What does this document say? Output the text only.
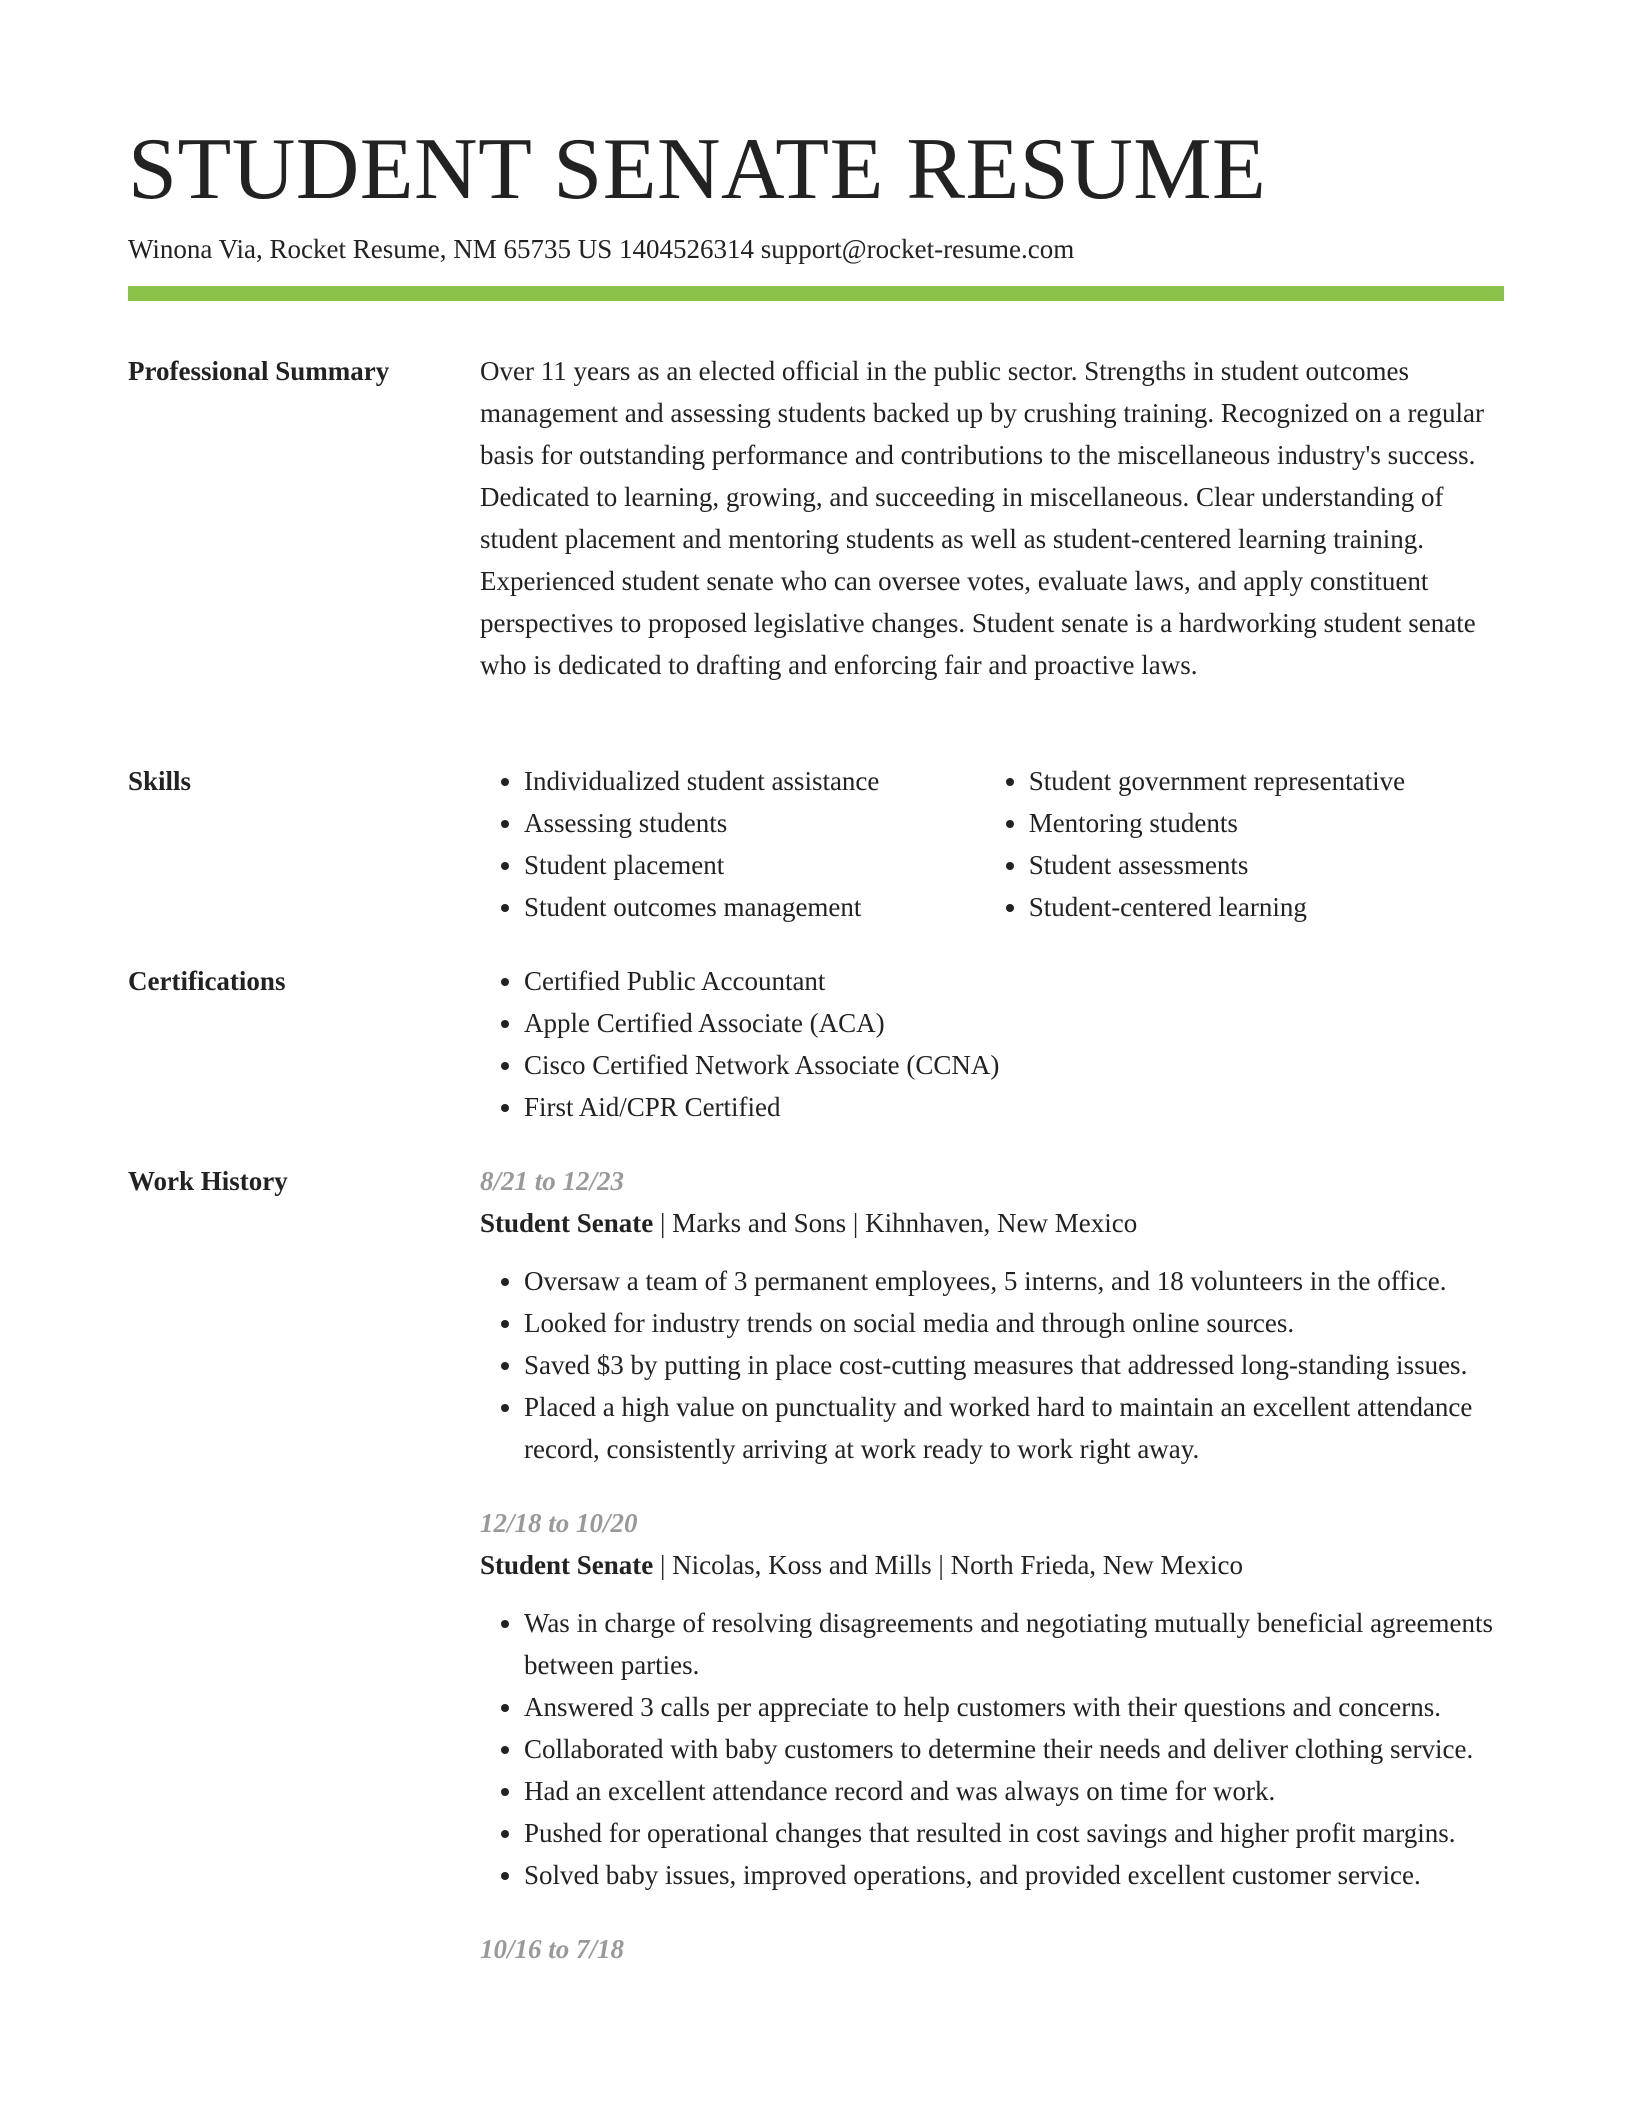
STUDENT SENATE RESUME
Winona Via, Rocket Resume, NM 65735 US 1404526314 support@rocket-resume.com
Professional Summary	Over 11 years as an elected official in the public sector. Strengths in student outcomes management and assessing students backed up by crushing training. Recognized on a regular basis for outstanding performance and contributions to the miscellaneous industry's success. Dedicated to learning, growing, and succeeding in miscellaneous. Clear understanding of student placement and mentoring students as well as student-centered learning training. Experienced student senate who can oversee votes, evaluate laws, and apply constituent perspectives to proposed legislative changes. Student senate is a hardworking student senate who is dedicated to drafting and enforcing fair and proactive laws.

Skills	• Individualized student assistance
• Assessing students
• Student placement
• Student outcomes management
• Student government representative
• Mentoring students
• Student assessments
• Student-centered learning
Certifications	• Certified Public Accountant
• Apple Certified Associate (ACA)
• Cisco Certified Network Associate (CCNA)
• First Aid/CPR Certified
Work History	8/21 to 12/23
Student Senate | Marks and Sons | Kihnhaven, New Mexico
• Oversaw a team of 3 permanent employees, 5 interns, and 18 volunteers in the office.
• Looked for industry trends on social media and through online sources.
• Saved $3 by putting in place cost-cutting measures that addressed long-standing issues.
• Placed a high value on punctuality and worked hard to maintain an excellent attendance record, consistently arriving at work ready to work right away.
12/18 to 10/20
Student Senate | Nicolas, Koss and Mills | North Frieda, New Mexico
• Was in charge of resolving disagreements and negotiating mutually beneficial agreements between parties.
• Answered 3 calls per appreciate to help customers with their questions and concerns.
• Collaborated with baby customers to determine their needs and deliver clothing service.
• Had an excellent attendance record and was always on time for work.
• Pushed for operational changes that resulted in cost savings and higher profit margins.
• Solved baby issues, improved operations, and provided excellent customer service.
10/16 to 7/18
